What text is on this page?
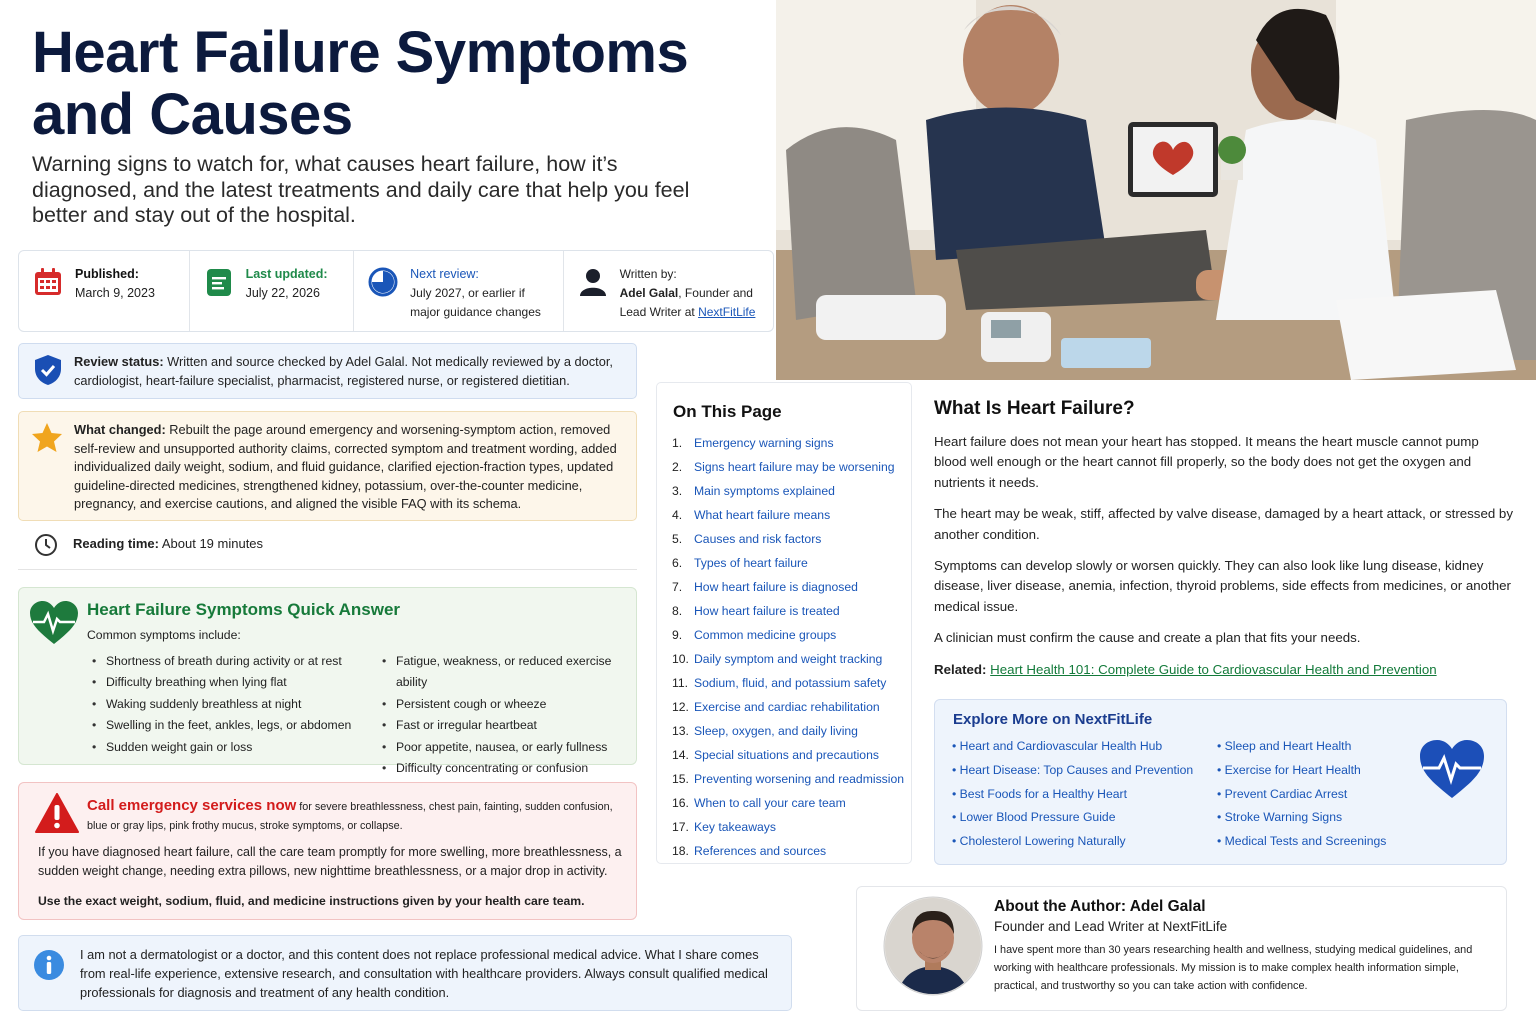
Heart Failure Symptoms and Causes

Warning signs to watch for, what causes heart failure, how it’s diagnosed, and the latest treatments and daily care that help you feel better and stay out of the hospital.

Published:
March 9, 2023
Last updated:
July 22, 2026
Next review:
July 2027, or earlier if major guidance changes
Written by:
Adel Galal, Founder and Lead Writer at NextFitLife
Review status: Written and source checked by Adel Galal. Not medically reviewed by a doctor, cardiologist, heart-failure specialist, pharmacist, registered nurse, or registered dietitian.
What changed: Rebuilt the page around emergency and worsening-symptom action, removed self-review and unsupported authority claims, corrected symptom and treatment wording, added individualized daily weight, sodium, and fluid guidance, clarified ejection-fraction types, updated guideline-directed medicines, strengthened kidney, potassium, over-the-counter medicine, pregnancy, and exercise cautions, and aligned the visible FAQ with its schema.
Reading time: About 19 minutes
Heart Failure Symptoms Quick Answer
Common symptoms include:
• Shortness of breath during activity or at rest
• Difficulty breathing when lying flat
• Waking suddenly breathless at night
• Swelling in the feet, ankles, legs, or abdomen
• Sudden weight gain or loss
• Fatigue, weakness, or reduced exercise ability
• Persistent cough or wheeze
• Fast or irregular heartbeat
• Poor appetite, nausea, or early fullness
• Difficulty concentrating or confusion
Call emergency services now for severe breathlessness, chest pain, fainting, sudden confusion, blue or gray lips, pink frothy mucus, stroke symptoms, or collapse.
If you have diagnosed heart failure, call the care team promptly for more swelling, more breathlessness, a sudden weight change, needing extra pillows, new nighttime breathlessness, or a major drop in activity.
Use the exact weight, sodium, fluid, and medicine instructions given by your health care team.
I am not a dermatologist or a doctor, and this content does not replace professional medical advice. What I share comes from real-life experience, extensive research, and consultation with healthcare providers. Always consult qualified medical professionals for diagnosis and treatment of any health condition.
On This Page
1. Emergency warning signs
2. Signs heart failure may be worsening
3. Main symptoms explained
4. What heart failure means
5. Causes and risk factors
6. Types of heart failure
7. How heart failure is diagnosed
8. How heart failure is treated
9. Common medicine groups
10. Daily symptom and weight tracking
11. Sodium, fluid, and potassium safety
12. Exercise and cardiac rehabilitation
13. Sleep, oxygen, and daily living
14. Special situations and precautions
15. Preventing worsening and readmission
16. When to call your care team
17. Key takeaways
18. References and sources
What Is Heart Failure?

Heart failure does not mean your heart has stopped. It means the heart muscle cannot pump blood well enough or the heart cannot fill properly, so the body does not get the oxygen and nutrients it needs.

The heart may be weak, stiff, affected by valve disease, damaged by a heart attack, or stressed by another condition.

Symptoms can develop slowly or worsen quickly. They can also look like lung disease, kidney disease, liver disease, anemia, infection, thyroid problems, side effects from medicines, or another medical issue.

A clinician must confirm the cause and create a plan that fits your needs.

Related: Heart Health 101: Complete Guide to Cardiovascular Health and Prevention

Explore More on NextFitLife
• Heart and Cardiovascular Health Hub
• Heart Disease: Top Causes and Prevention
• Best Foods for a Healthy Heart
• Lower Blood Pressure Guide
• Cholesterol Lowering Naturally
• Sleep and Heart Health
• Exercise for Heart Health
• Prevent Cardiac Arrest
• Stroke Warning Signs
• Medical Tests and Screenings
About the Author: Adel Galal
Founder and Lead Writer at NextFitLife
I have spent more than 30 years researching health and wellness, studying medical guidelines, and working with healthcare professionals. My mission is to make complex health information simple, practical, and trustworthy so you can take action with confidence.
